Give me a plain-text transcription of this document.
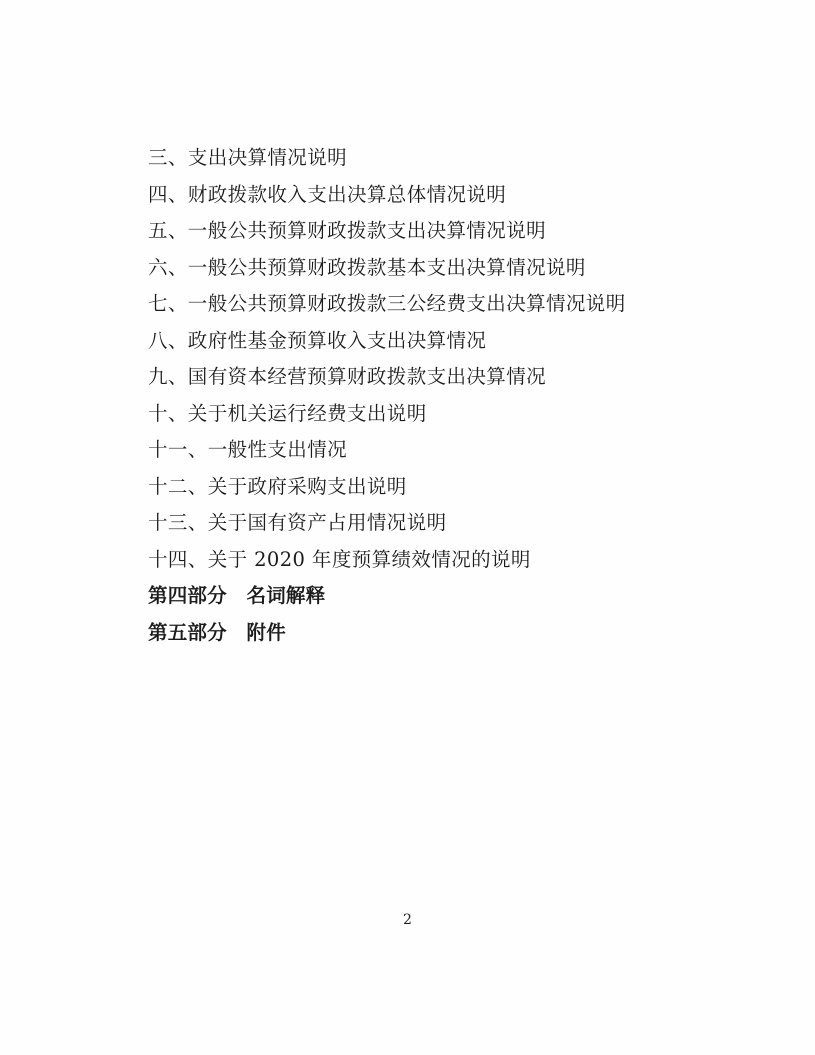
三、支出决算情况说明
四、财政拨款收入支出决算总体情况说明
五、一般公共预算财政拨款支出决算情况说明
六、一般公共预算财政拨款基本支出决算情况说明
七、一般公共预算财政拨款三公经费支出决算情况说明
八、政府性基金预算收入支出决算情况
九、国有资本经营预算财政拨款支出决算情况
十、关于机关运行经费支出说明
十一、一般性支出情况
十二、关于政府采购支出说明
十三、关于国有资产占用情况说明
十四、关于 2020 年度预算绩效情况的说明
第四部分　名词解释
第五部分　附件
2
